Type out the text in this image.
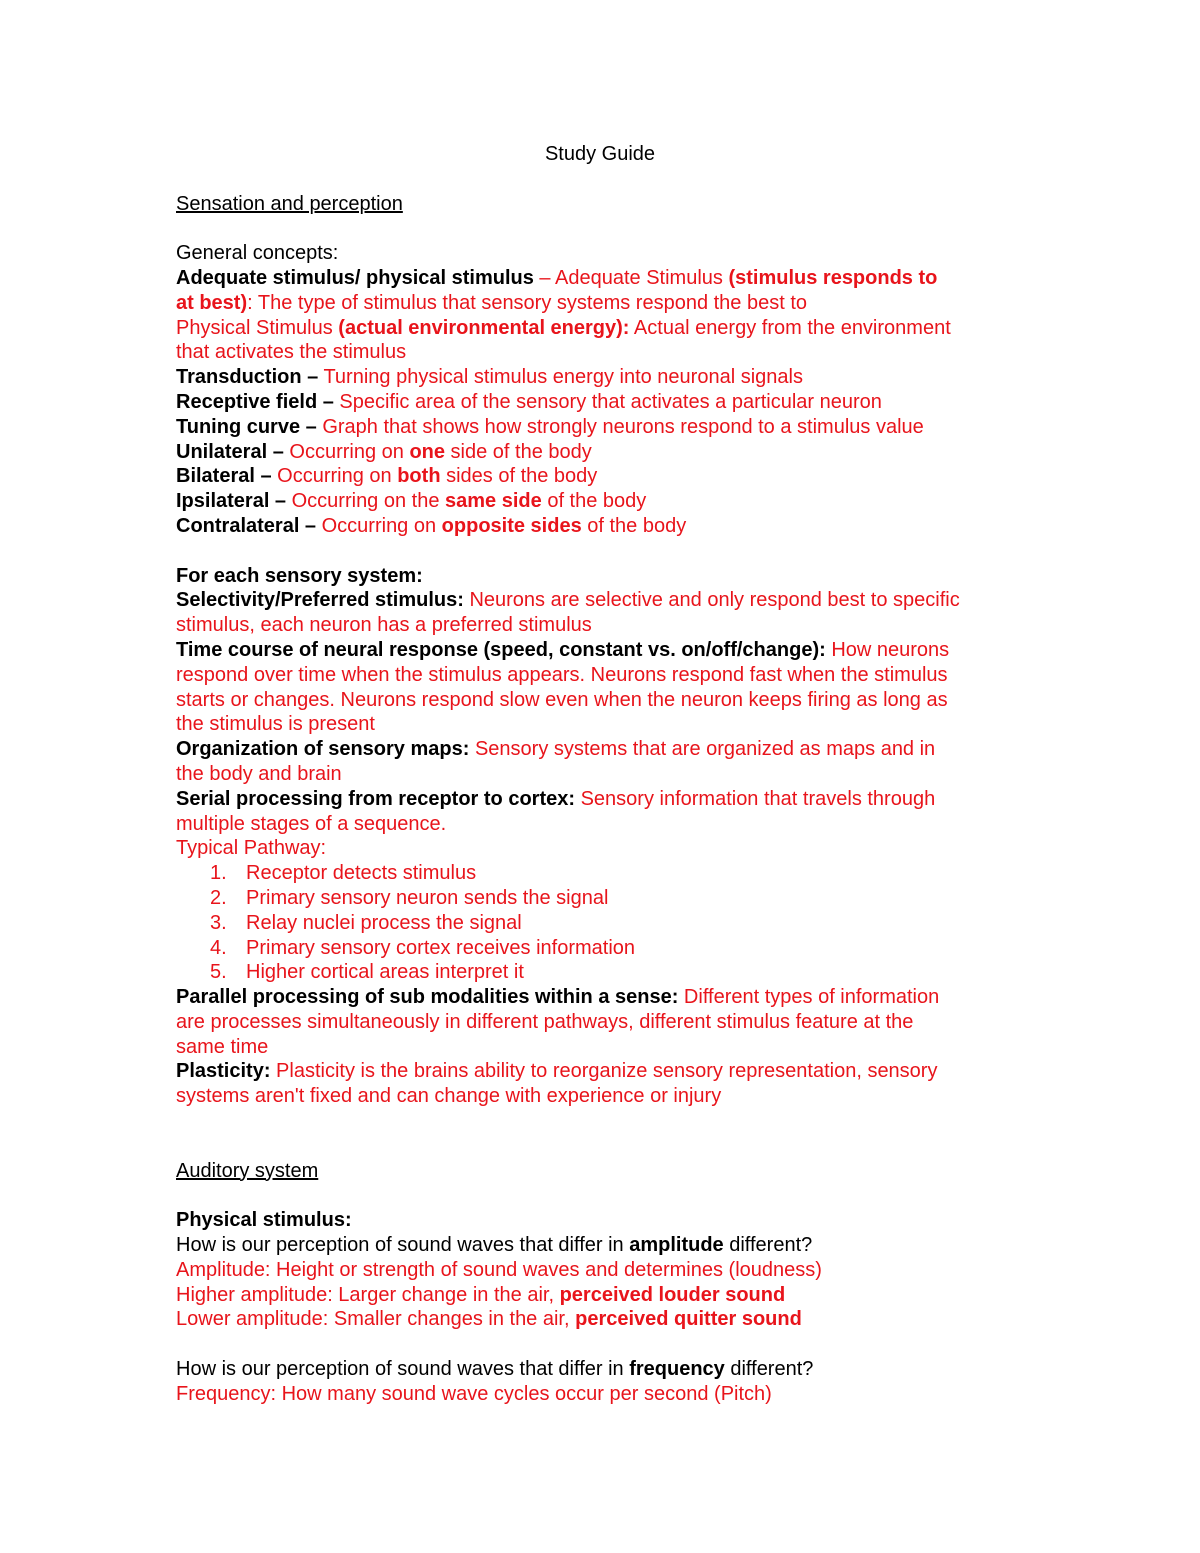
Study Guide
Sensation and perception
General concepts:
Adequate stimulus/ physical stimulus – Adequate Stimulus (stimulus responds to
at best): The type of stimulus that sensory systems respond the best to
Physical Stimulus (actual environmental energy): Actual energy from the environment
that activates the stimulus
Transduction – Turning physical stimulus energy into neuronal signals
Receptive field – Specific area of the sensory that activates a particular neuron
Tuning curve – Graph that shows how strongly neurons respond to a stimulus value
Unilateral – Occurring on one side of the body
Bilateral – Occurring on both sides of the body
Ipsilateral – Occurring on the same side of the body
Contralateral – Occurring on opposite sides of the body
For each sensory system:
Selectivity/Preferred stimulus: Neurons are selective and only respond best to specific
stimulus, each neuron has a preferred stimulus
Time course of neural response (speed, constant vs. on/off/change): How neurons
respond over time when the stimulus appears. Neurons respond fast when the stimulus
starts or changes. Neurons respond slow even when the neuron keeps firing as long as
the stimulus is present
Organization of sensory maps: Sensory systems that are organized as maps and in
the body and brain
Serial processing from receptor to cortex: Sensory information that travels through
multiple stages of a sequence.
Typical Pathway:
1. Receptor detects stimulus
2. Primary sensory neuron sends the signal
3. Relay nuclei process the signal
4. Primary sensory cortex receives information
5. Higher cortical areas interpret it
Parallel processing of sub modalities within a sense: Different types of information
are processes simultaneously in different pathways, different stimulus feature at the
same time
Plasticity: Plasticity is the brains ability to reorganize sensory representation, sensory
systems aren't fixed and can change with experience or injury
Auditory system
Physical stimulus:
How is our perception of sound waves that differ in amplitude different?
Amplitude: Height or strength of sound waves and determines (loudness)
Higher amplitude: Larger change in the air, perceived louder sound
Lower amplitude: Smaller changes in the air, perceived quitter sound
How is our perception of sound waves that differ in frequency different?
Frequency: How many sound wave cycles occur per second (Pitch)
